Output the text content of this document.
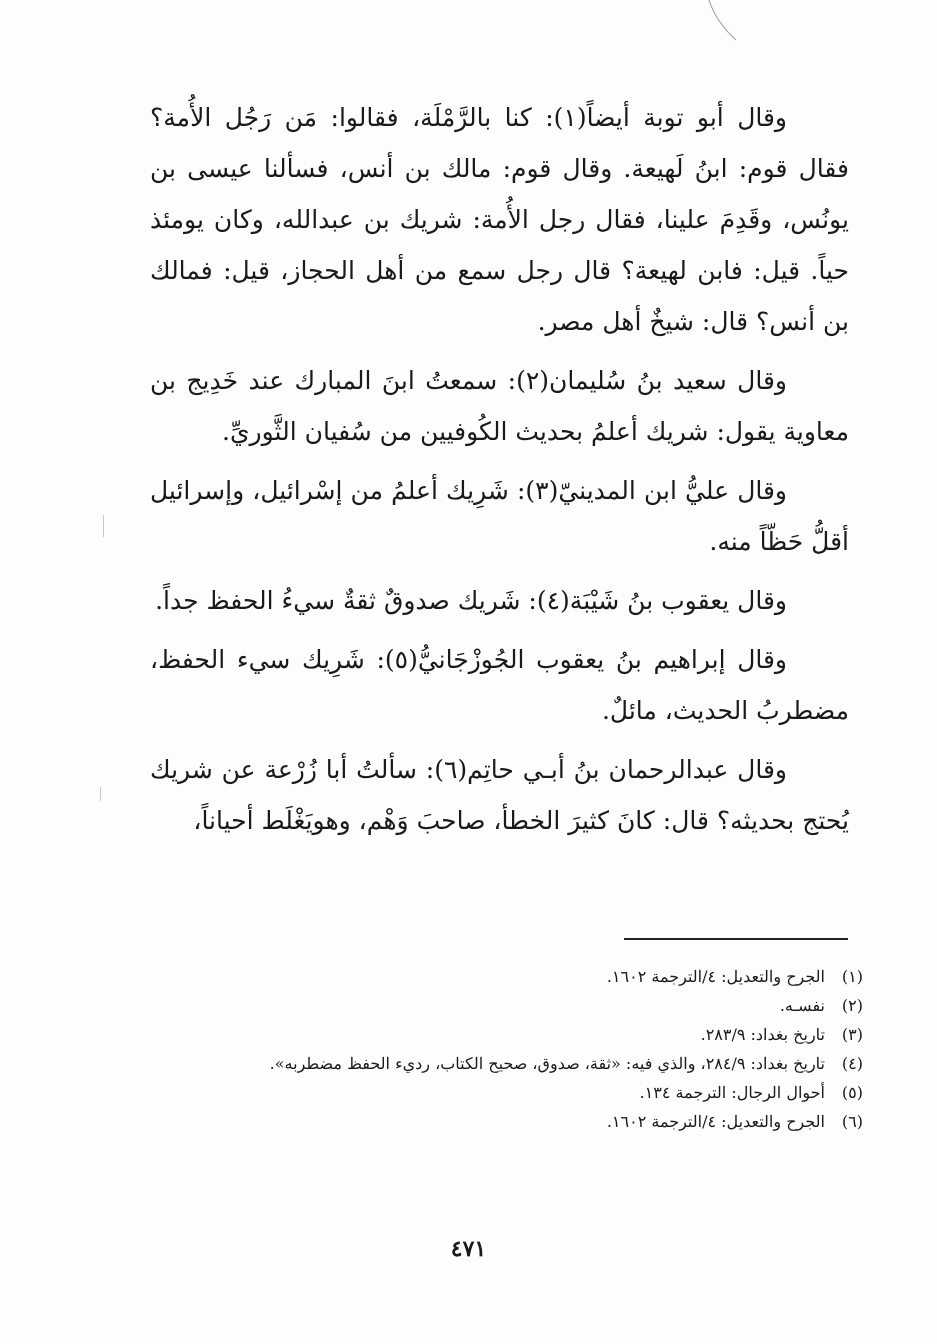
وقال أبو توبة أيضاً(١): كنا بالرَّمْلَة، فقالوا: مَن رَجُل الأُمة؟ فقال قوم: ابنُ لَهيعة. وقال قوم: مالك بن أنس، فسألنا عيسى بن يونُس، وقَدِمَ علينا، فقال رجل الأُمة: شريك بن عبدالله، وكان يومئذ حياً. قيل: فابن لهيعة؟ قال رجل سمع من أهل الحجاز، قيل: فمالك بن أنس؟ قال: شيخٌ أهل مصر.

وقال سعيد بنُ سُليمان(٢): سمعتُ ابنَ المبارك عند خَدِيج بن معاوية يقول: شريك أعلمُ بحديث الكُوفيين من سُفيان الثَّوريِّ.

وقال عليُّ ابن المدينيّ(٣): شَرِيك أعلمُ من إسْرائيل، وإسرائيل أقلُّ حَظّاً منه.

وقال يعقوب بنُ شَيْبَة(٤): شَريك صدوقٌ ثقةٌ سيءُ الحفظ جداً.

وقال إبراهيم بنُ يعقوب الجُوزْجَانيُّ(٥): شَرِيك سيء الحفظ، مضطربُ الحديث، مائلٌ.

وقال عبدالرحمان بنُ أبـي حاتِم(٦): سألتُ أبا زُرْعة عن شريك يُحتج بحديثه؟ قال: كانَ كثيرَ الخطأ، صاحبَ وَهْم، وهويَغْلَط أحياناً،

(١)
الجرح والتعديل: ٤/الترجمة ١٦٠٢.
(٢)
نفسـه.
(٣)
تاريخ بغداد: ٢٨٣/٩.
(٤)
تاريخ بغداد: ٢٨٤/٩، والذي فيه: «ثقة، صدوق، صحيح الكتاب، رديء الحفظ مضطربه».
(٥)
أحوال الرجال: الترجمة ١٣٤.
(٦)
الجرح والتعديل: ٤/الترجمة ١٦٠٢.
٤٧١
